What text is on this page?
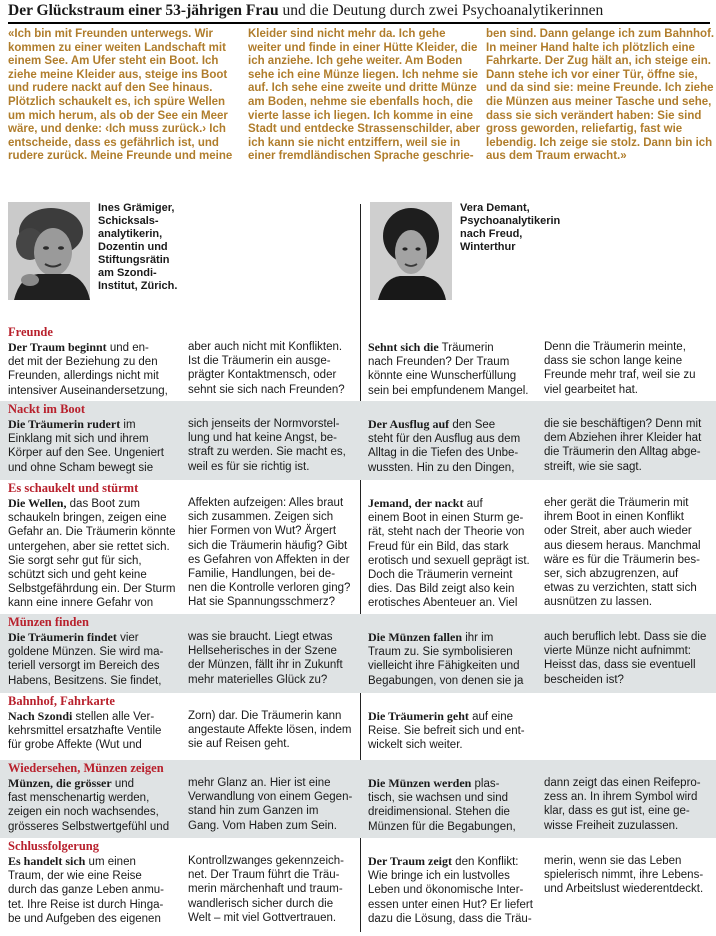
Der Glückstraum einer 53-jährigen Frau und die Deutung durch zwei Psychoanalytikerinnen
«Ich bin mit Freunden unterwegs. Wir
kommen zu einer weiten Landschaft mit
einem See. Am Ufer steht ein Boot. Ich
ziehe meine Kleider aus, steige ins Boot
und rudere nackt auf den See hinaus.
Plötzlich schaukelt es, ich spüre Wellen
um mich herum, als ob der See ein Meer
wäre, und denke: ‹Ich muss zurück.› Ich
entscheide, dass es gefährlich ist, und
rudere zurück. Meine Freunde und meine
Kleider sind nicht mehr da. Ich gehe
weiter und finde in einer Hütte Kleider, die
ich anziehe. Ich gehe weiter. Am Boden
sehe ich eine Münze liegen. Ich nehme sie
auf. Ich sehe eine zweite und dritte Münze
am Boden, nehme sie ebenfalls hoch, die
vierte lasse ich liegen. Ich komme in eine
Stadt und entdecke Strassenschilder, aber
ich kann sie nicht entziffern, weil sie in
einer fremdländischen Sprache geschrie-
ben sind. Dann gelange ich zum Bahnhof.
In meiner Hand halte ich plötzlich eine
Fahrkarte. Der Zug hält an, ich steige ein.
Dann stehe ich vor einer Tür, öffne sie,
und da sind sie: meine Freunde. Ich ziehe
die Münzen aus meiner Tasche und sehe,
dass sie sich verändert haben: Sie sind
gross geworden, reliefartig, fast wie
lebendig. Ich zeige sie stolz. Dann bin ich
aus dem Traum erwacht.»
Ines Grämiger,
Schicksals-
analytikerin,
Dozentin und
Stiftungsrätin
am Szondi-
Institut, Zürich.
Vera Demant,
Psychoanalytikerin
nach Freud,
Winterthur
Freunde
Der Traum beginnt und en-
det mit der Beziehung zu den
Freunden, allerdings nicht mit
intensiver Auseinandersetzung,
aber auch nicht mit Konflikten.
Ist die Träumerin ein ausge-
prägter Kontaktmensch, oder
sehnt sie sich nach Freunden?
Sehnt sich die Träumerin
nach Freunden? Der Traum
könnte eine Wunscherfüllung
sein bei empfundenem Mangel.
Denn die Träumerin meinte,
dass sie schon lange keine
Freunde mehr traf, weil sie zu
viel gearbeitet hat.
Nackt im Boot
Die Träumerin rudert im
Einklang mit sich und ihrem
Körper auf den See. Ungeniert
und ohne Scham bewegt sie
sich jenseits der Normvorstel-
lung und hat keine Angst, be-
straft zu werden. Sie macht es,
weil es für sie richtig ist.
Der Ausflug auf den See
steht für den Ausflug aus dem
Alltag in die Tiefen des Unbe-
wussten. Hin zu den Dingen,
die sie beschäftigen? Denn mit
dem Abziehen ihrer Kleider hat
die Träumerin den Alltag abge-
streift, wie sie sagt.
Es schaukelt und stürmt
Die Wellen, das Boot zum
schaukeln bringen, zeigen eine
Gefahr an. Die Träumerin könnte
untergehen, aber sie rettet sich.
Sie sorgt sehr gut für sich,
schützt sich und geht keine
Selbstgefährdung ein. Der Sturm
kann eine innere Gefahr von
Affekten aufzeigen: Alles braut
sich zusammen. Zeigen sich
hier Formen von Wut? Ärgert
sich die Träumerin häufig? Gibt
es Gefahren von Affekten in der
Familie, Handlungen, bei de-
nen die Kontrolle verloren ging?
Hat sie Spannungsschmerz?
Jemand, der nackt auf
einem Boot in einen Sturm ge-
rät, steht nach der Theorie von
Freud für ein Bild, das stark
erotisch und sexuell geprägt ist.
Doch die Träumerin verneint
dies. Das Bild zeigt also kein
erotisches Abenteuer an. Viel
eher gerät die Träumerin mit
ihrem Boot in einen Konflikt
oder Streit, aber auch wieder
aus diesem heraus. Manchmal
wäre es für die Träumerin bes-
ser, sich abzugrenzen, auf
etwas zu verzichten, statt sich
ausnützen zu lassen.
Münzen finden
Die Träumerin findet vier
goldene Münzen. Sie wird ma-
teriell versorgt im Bereich des
Habens, Besitzens. Sie findet,
was sie braucht. Liegt etwas
Hellseherisches in der Szene
der Münzen, fällt ihr in Zukunft
mehr materielles Glück zu?
Die Münzen fallen ihr im
Traum zu. Sie symbolisieren
vielleicht ihre Fähigkeiten und
Begabungen, von denen sie ja
auch beruflich lebt. Dass sie die
vierte Münze nicht aufnimmt:
Heisst das, dass sie eventuell
bescheiden ist?
Bahnhof, Fahrkarte
Nach Szondi stellen alle Ver-
kehrsmittel ersatzhafte Ventile
für grobe Affekte (Wut und
Zorn) dar. Die Träumerin kann
angestaute Affekte lösen, indem
sie auf Reisen geht.
Die Träumerin geht auf eine
Reise. Sie befreit sich und ent-
wickelt sich weiter.
Wiedersehen, Münzen zeigen
Münzen, die grösser und
fast menschenartig werden,
zeigen ein noch wachsendes,
grösseres Selbstwertgefühl und
mehr Glanz an. Hier ist eine
Verwandlung von einem Gegen-
stand hin zum Ganzen im
Gang. Vom Haben zum Sein.
Die Münzen werden plas-
tisch, sie wachsen und sind
dreidimensional. Stehen die
Münzen für die Begabungen,
dann zeigt das einen Reifepro-
zess an. In ihrem Symbol wird
klar, dass es gut ist, eine ge-
wisse Freiheit zuzulassen.
Schlussfolgerung
Es handelt sich um einen
Traum, der wie eine Reise
durch das ganze Leben anmu-
tet. Ihre Reise ist durch Hinga-
be und Aufgeben des eigenen
Kontrollzwanges gekennzeich-
net. Der Traum führt die Träu-
merin märchenhaft und traum-
wandlerisch sicher durch die
Welt – mit viel Gottvertrauen.
Der Traum zeigt den Konflikt:
Wie bringe ich ein lustvolles
Leben und ökonomische Inter-
essen unter einen Hut? Er liefert
dazu die Lösung, dass die Träu-
merin, wenn sie das Leben
spielerisch nimmt, ihre Lebens-
und Arbeitslust wiederentdeckt.
